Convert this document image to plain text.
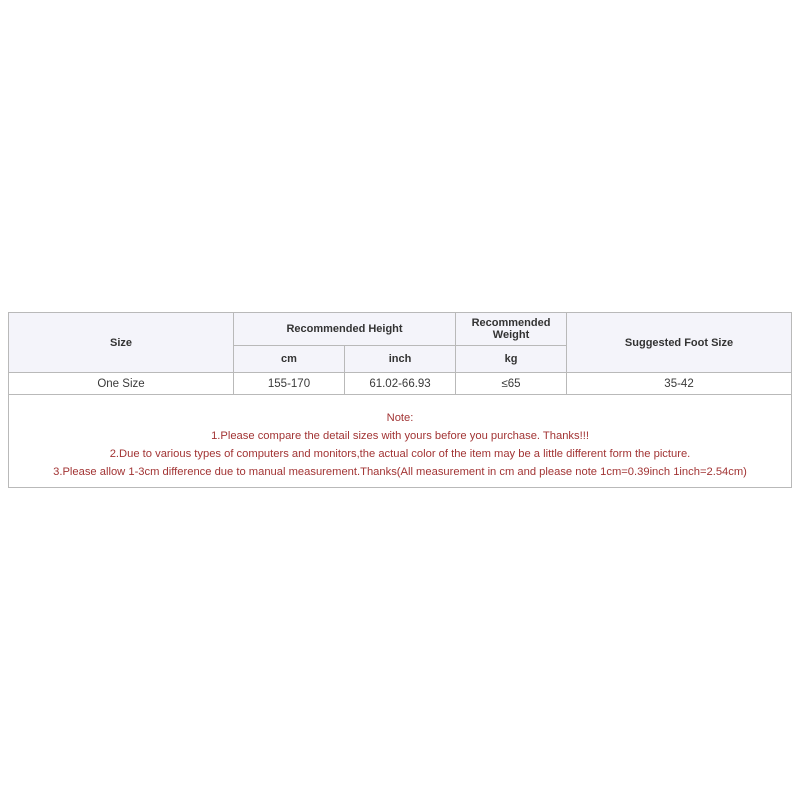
Size	Recommended Height		Recommended Weight	Suggested Foot Size
	cm	inch	kg	
One Size	155-170	61.02-66.93	≤65	35-42

Note:
1.Please compare the detail sizes with yours before you purchase. Thanks!!!
2.Due to various types of computers and monitors,the actual color of the item may be a little different form the picture.
3.Please allow 1-3cm difference due to manual measurement.Thanks(All measurement in cm and please note 1cm=0.39inch 1inch=2.54cm)				
